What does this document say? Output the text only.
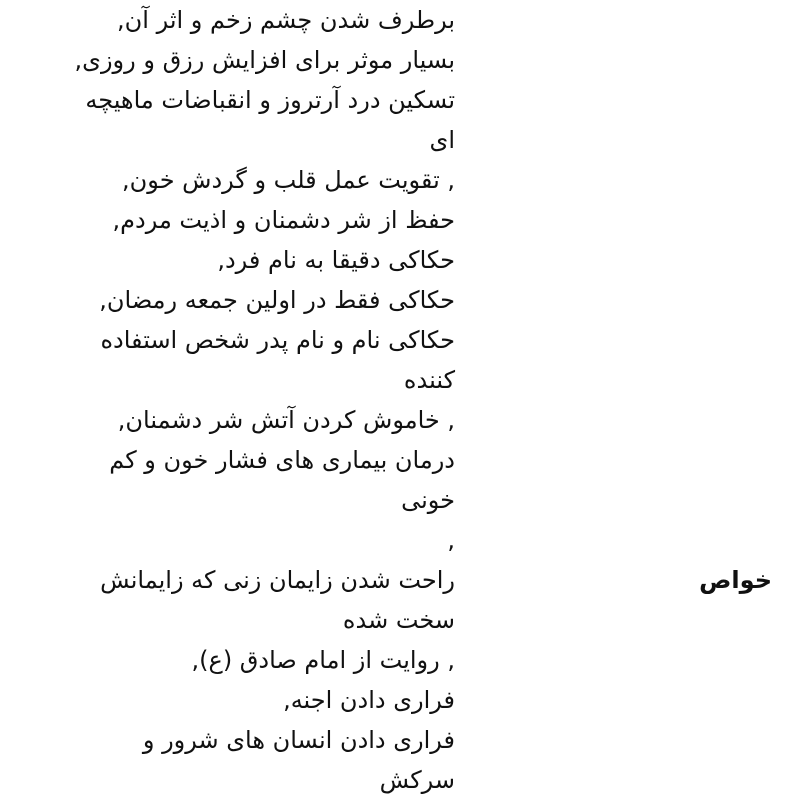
خواص
برطرف شدن چشم زخم و اثر آن,
بسیار موثر برای افزایش رزق و روزی,
تسکین درد آرتروز و انقباضات ماهیچه
ای
, تقویت عمل قلب و گردش خون,
حفظ از شر دشمنان و اذیت مردم,
حکاکی دقیقا به نام فرد,
حکاکی فقط در اولین جمعه رمضان,
حکاکی نام و نام پدر شخص استفاده
کننده
, خاموش کردن آتش شر دشمنان,
درمان بیماری های فشار خون و کم
خونی
,
راحت شدن زایمان زنی که زایمانش
سخت شده
, روایت از امام صادق (ع),
فراری دادن اجنه,
فراری دادن انسان های شرور و
سرکش
